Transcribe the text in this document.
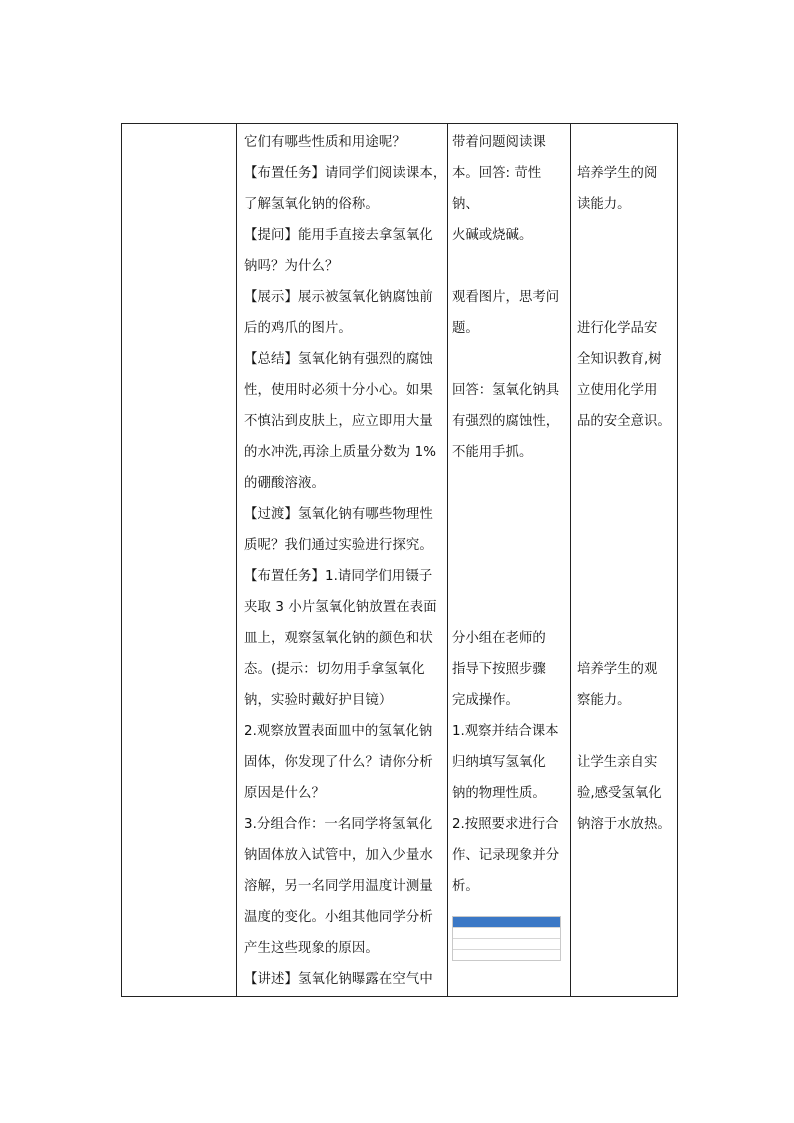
它们有哪些性质和用途呢？

【布置任务】请同学们阅读课本，

了解氢氧化钠的俗称。

【提问】能用手直接去拿氢氧化

钠吗？为什么？

【展示】展示被氢氧化钠腐蚀前

后的鸡爪的图片。

【总结】氢氧化钠有强烈的腐蚀

性，使用时必须十分小心。如果

不慎沾到皮肤上，应立即用大量

的水冲洗,再涂上质量分数为 1%

的硼酸溶液。

【过渡】氢氧化钠有哪些物理性

质呢？我们通过实验进行探究。

【布置任务】1.请同学们用镊子

夹取 3 小片氢氧化钠放置在表面

皿上，观察氢氧化钠的颜色和状

态。(提示：切勿用手拿氢氧化

钠，实验时戴好护目镜）

2.观察放置表面皿中的氢氧化钠

固体，你发现了什么？请你分析

原因是什么？

3.分组合作：一名同学将氢氧化

钠固体放入试管中，加入少量水

溶解，另一名同学用温度计测量

温度的变化。小组其他同学分析

产生这些现象的原因。

【讲述】氢氧化钠曝露在空气中

带着问题阅读课

本。回答: 苛性钠、

火碱或烧碱。

观看图片，思考问

题。

回答：氢氧化钠具

有强烈的腐蚀性，

不能用手抓。

分小组在老师的

指导下按照步骤

完成操作。

1.观察并结合课本

归纳填写氢氧化

钠的物理性质。

2.按照要求进行合

作、记录现象并分

析。

培养学生的阅

读能力。

进行化学品安

全知识教育,树

立使用化学用

品的安全意识。

培养学生的观

察能力。

让学生亲自实

验,感受氢氧化

钠溶于水放热。
